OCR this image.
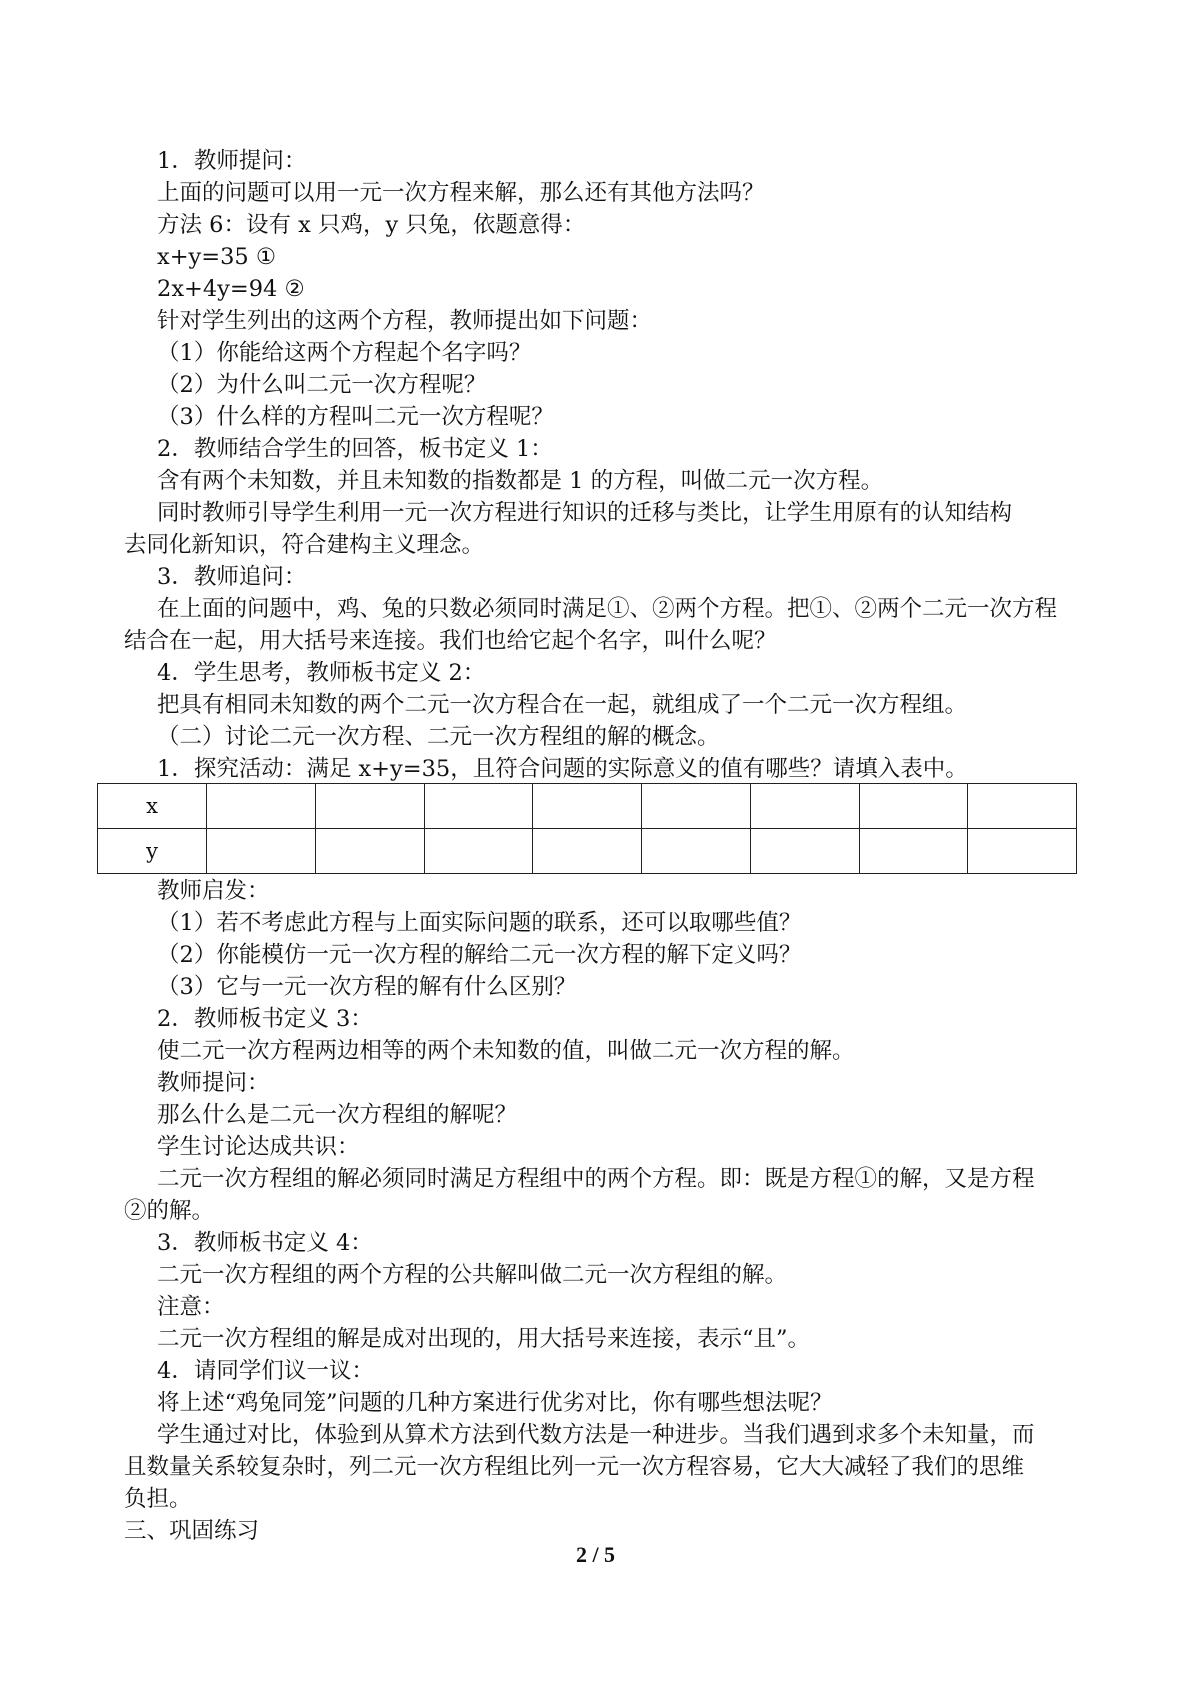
1．教师提问：
上面的问题可以用一元一次方程来解，那么还有其他方法吗？
方法 6：设有 x 只鸡，y 只兔，依题意得：
x+y=35 ①
2x+4y=94 ②
针对学生列出的这两个方程，教师提出如下问题：
（1）你能给这两个方程起个名字吗？
（2）为什么叫二元一次方程呢？
（3）什么样的方程叫二元一次方程呢？
2．教师结合学生的回答，板书定义 1：
含有两个未知数，并且未知数的指数都是 1 的方程，叫做二元一次方程。
同时教师引导学生利用一元一次方程进行知识的迁移与类比，让学生用原有的认知结构
去同化新知识，符合建构主义理念。
3．教师追问：
在上面的问题中，鸡、兔的只数必须同时满足①、②两个方程。把①、②两个二元一次方程
结合在一起，用大括号来连接。我们也给它起个名字，叫什么呢？
4．学生思考，教师板书定义 2：
把具有相同未知数的两个二元一次方程合在一起，就组成了一个二元一次方程组。
（二）讨论二元一次方程、二元一次方程组的解的概念。
1．探究活动：满足 x+y=35，且符合问题的实际意义的值有哪些？请填入表中。
x								
y								
教师启发：
（1）若不考虑此方程与上面实际问题的联系，还可以取哪些值？
（2）你能模仿一元一次方程的解给二元一次方程的解下定义吗？
（3）它与一元一次方程的解有什么区别？
2．教师板书定义 3：
使二元一次方程两边相等的两个未知数的值，叫做二元一次方程的解。
教师提问：
那么什么是二元一次方程组的解呢？
学生讨论达成共识：
二元一次方程组的解必须同时满足方程组中的两个方程。即：既是方程①的解，又是方程
②的解。
3．教师板书定义 4：
二元一次方程组的两个方程的公共解叫做二元一次方程组的解。
注意：
二元一次方程组的解是成对出现的，用大括号来连接，表示“且”。
4．请同学们议一议：
将上述“鸡兔同笼”问题的几种方案进行优劣对比，你有哪些想法呢？
学生通过对比，体验到从算术方法到代数方法是一种进步。当我们遇到求多个未知量，而
且数量关系较复杂时，列二元一次方程组比列一元一次方程容易，它大大减轻了我们的思维
负担。
三、巩固练习
2 / 5
